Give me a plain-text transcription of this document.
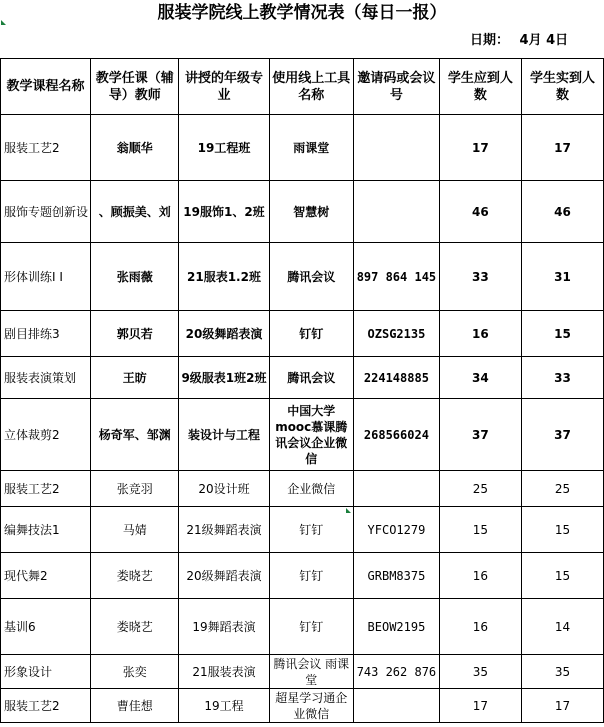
服装学院线上教学情况表（每日一报）
日期： 4月 4日
教学课程名称	教学任课（辅导）教师	讲授的年级专业	使用线上工具名称	邀请码或会议号	学生应到人数	学生实到人数
服装工艺2	翁顺华	19工程班	雨课堂		17	17
服饰专题创新设	、顾振美、刘	19服饰1、2班	智慧树		46	46
形体训练Ⅰ Ⅰ	张雨薇	21服表1.2班	腾讯会议	897 864 145	33	31
剧目排练3	郭贝若	20级舞蹈表演	钉钉	OZSG2135	16	15
服装表演策划	王昉	9级服表1班2班	腾讯会议	224148885	34	33
立体裁剪2	杨奇军、邹渊	装设计与工程	中国大学mooc慕课腾讯会议企业微信	268566024	37	37
服装工艺2	张竞羽	20设计班	企业微信		25	25
编舞技法1	马婧	21级舞蹈表演	钉钉	YFCO1279	15	15
现代舞2	娄晓艺	20级舞蹈表演	钉钉	GRBM8375	16	15
基训6	娄晓艺	19舞蹈表演	钉钉	BEOW2195	16	14
形象设计	张奕	21服装表演	腾讯会议 雨课堂	743 262 876	35	35
服装工艺2	曹佳想	19工程	超星学习通企业微信		17	17
